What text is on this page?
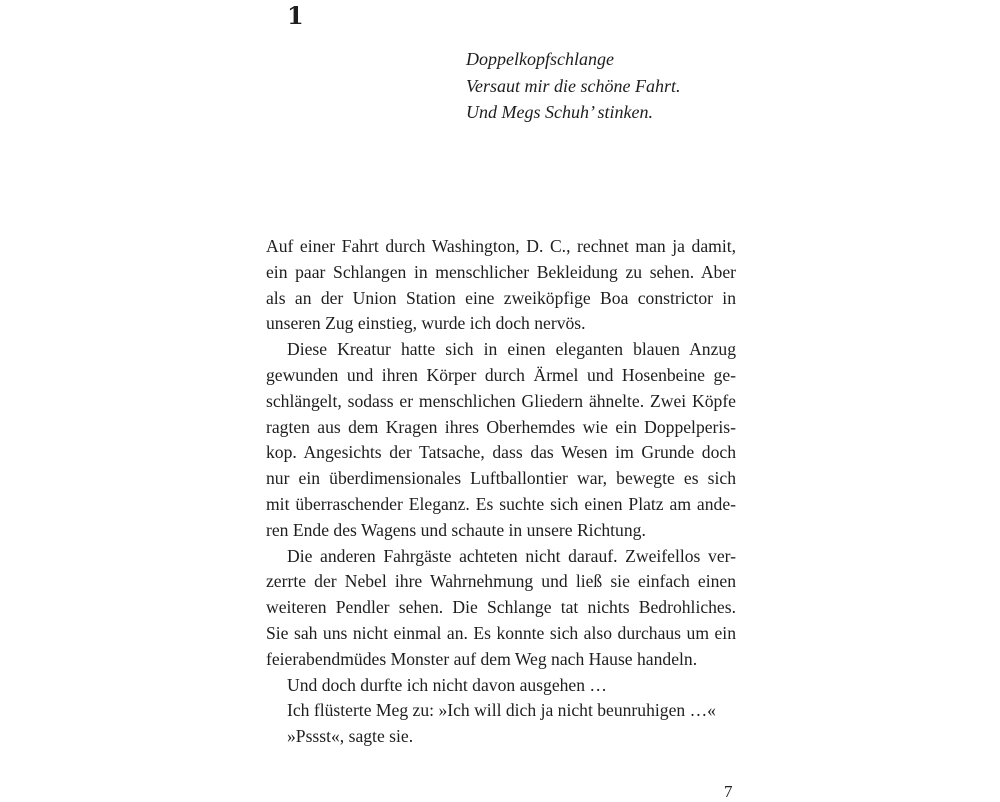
1
Doppelkopfschlange
Versaut mir die schöne Fahrt.
Und Megs Schuh’ stinken.
Auf einer Fahrt durch Washington, D. C., rechnet man ja damit,
ein paar Schlangen in menschlicher Bekleidung zu sehen. Aber
als an der Union Station eine zweiköpfige Boa constrictor in
unseren Zug einstieg, wurde ich doch nervös.
Diese Kreatur hatte sich in einen eleganten blauen Anzug
gewunden und ihren Körper durch Ärmel und Hosenbeine ge-
schlängelt, sodass er menschlichen Gliedern ähnelte. Zwei Köpfe
ragten aus dem Kragen ihres Oberhemdes wie ein Doppelperis-
kop. Angesichts der Tatsache, dass das Wesen im Grunde doch
nur ein überdimensionales Luftballontier war, bewegte es sich
mit überraschender Eleganz. Es suchte sich einen Platz am ande-
ren Ende des Wagens und schaute in unsere Richtung.
Die anderen Fahrgäste achteten nicht darauf. Zweifellos ver-
zerrte der Nebel ihre Wahrnehmung und ließ sie einfach einen
weiteren Pendler sehen. Die Schlange tat nichts Bedrohliches.
Sie sah uns nicht einmal an. Es konnte sich also durchaus um ein
feierabendmüdes Monster auf dem Weg nach Hause handeln.
Und doch durfte ich nicht davon ausgehen …
Ich flüsterte Meg zu: »Ich will dich ja nicht beunruhigen …«
»Pssst«, sagte sie.
7
